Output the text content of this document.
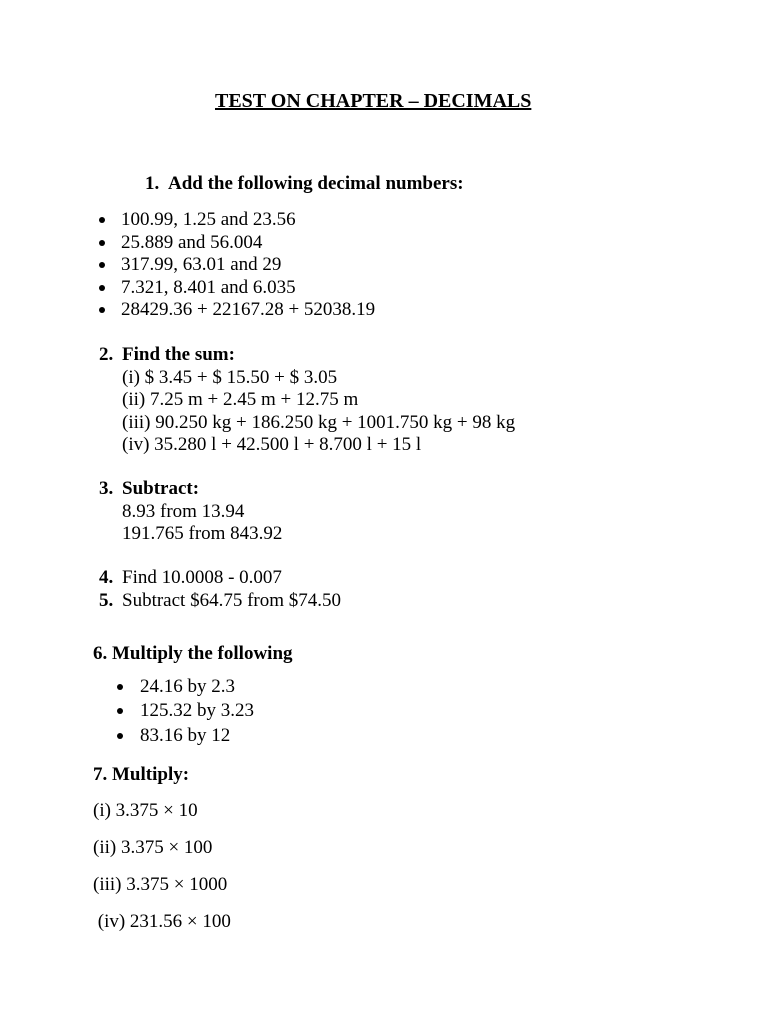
TEST ON CHAPTER – DECIMALS
1. Add the following decimal numbers:
100.99, 1.25 and 23.56
25.889 and 56.004
317.99, 63.01 and 29
7.321, 8.401 and 6.035
28429.36 + 22167.28 + 52038.19
2. Find the sum:
(i) $ 3.45 + $ 15.50 + $ 3.05
(ii) 7.25 m + 2.45 m + 12.75 m
(iii) 90.250 kg + 186.250 kg + 1001.750 kg + 98 kg
(iv) 35.280 l + 42.500 l + 8.700 l + 15 l
3. Subtract:
8.93 from 13.94
191.765 from 843.92
4. Find 10.0008 - 0.007
5. Subtract $64.75 from $74.50
6. Multiply the following
24.16 by 2.3
125.32 by 3.23
83.16 by 12
7. Multiply:
(i) 3.375 × 10
(ii) 3.375 × 100
(iii) 3.375 × 1000
(iv) 231.56 × 100
